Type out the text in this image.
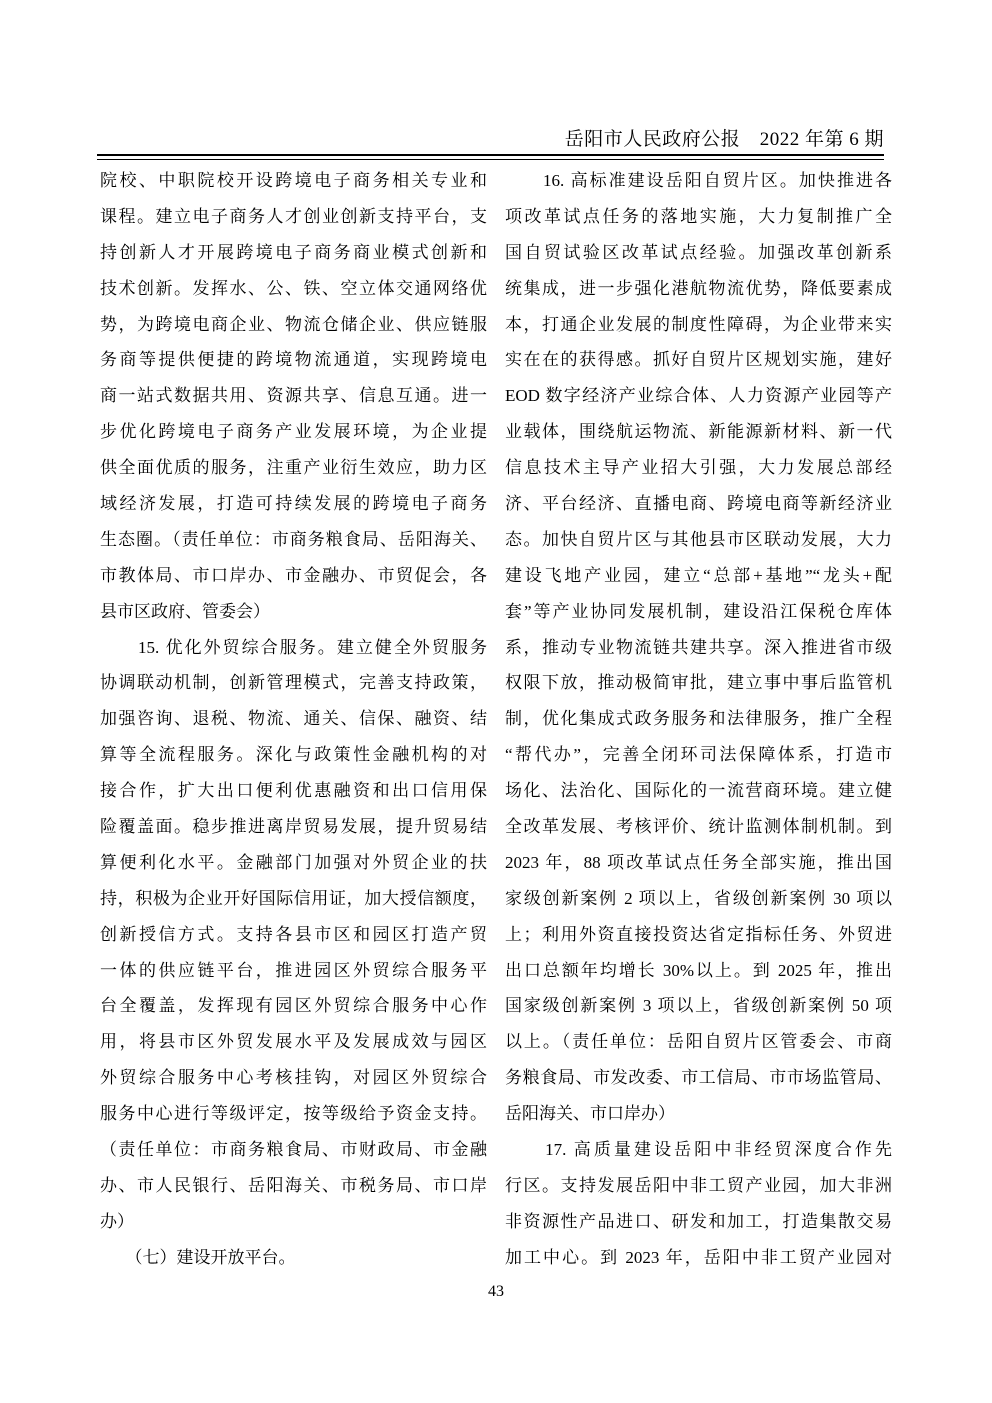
岳阳市人民政府公报　2022 年第 6 期
院校、中职院校开设跨境电子商务相关专业和
课程。建立电子商务人才创业创新支持平台，支
持创新人才开展跨境电子商务商业模式创新和
技术创新。发挥水、公、铁、空立体交通网络优
势，为跨境电商企业、物流仓储企业、供应链服
务商等提供便捷的跨境物流通道，实现跨境电
商一站式数据共用、资源共享、信息互通。进一
步优化跨境电子商务产业发展环境，为企业提
供全面优质的服务，注重产业衍生效应，助力区
域经济发展，打造可持续发展的跨境电子商务
生态圈。（责任单位：市商务粮食局、岳阳海关、
市教体局、市口岸办、市金融办、市贸促会，各
县市区政府、管委会）
　　15. 优化外贸综合服务。建立健全外贸服务
协调联动机制，创新管理模式，完善支持政策，
加强咨询、退税、物流、通关、信保、融资、结
算等全流程服务。深化与政策性金融机构的对
接合作，扩大出口便利优惠融资和出口信用保
险覆盖面。稳步推进离岸贸易发展，提升贸易结
算便利化水平。金融部门加强对外贸企业的扶
持，积极为企业开好国际信用证，加大授信额度，
创新授信方式。支持各县市区和园区打造产贸
一体的供应链平台，推进园区外贸综合服务平
台全覆盖，发挥现有园区外贸综合服务中心作
用，将县市区外贸发展水平及发展成效与园区
外贸综合服务中心考核挂钩，对园区外贸综合
服务中心进行等级评定，按等级给予资金支持。
（责任单位：市商务粮食局、市财政局、市金融
办、市人民银行、岳阳海关、市税务局、市口岸
办）
　　（七）建设开放平台。
　　16. 高标准建设岳阳自贸片区。加快推进各
项改革试点任务的落地实施，大力复制推广全
国自贸试验区改革试点经验。加强改革创新系
统集成，进一步强化港航物流优势，降低要素成
本，打通企业发展的制度性障碍，为企业带来实
实在在的获得感。抓好自贸片区规划实施，建好
EOD 数字经济产业综合体、人力资源产业园等产
业载体，围绕航运物流、新能源新材料、新一代
信息技术主导产业招大引强，大力发展总部经
济、平台经济、直播电商、跨境电商等新经济业
态。加快自贸片区与其他县市区联动发展，大力
建设飞地产业园，建立“总部+基地”“龙头+配
套”等产业协同发展机制，建设沿江保税仓库体
系，推动专业物流链共建共享。深入推进省市级
权限下放，推动极简审批，建立事中事后监管机
制，优化集成式政务服务和法律服务，推广全程
“帮代办”，完善全闭环司法保障体系，打造市
场化、法治化、国际化的一流营商环境。建立健
全改革发展、考核评价、统计监测体制机制。到
2023 年，88 项改革试点任务全部实施，推出国
家级创新案例 2 项以上，省级创新案例 30 项以
上；利用外资直接投资达省定指标任务、外贸进
出口总额年均增长 30%以上。到 2025 年，推出
国家级创新案例 3 项以上，省级创新案例 50 项
以上。（责任单位：岳阳自贸片区管委会、市商
务粮食局、市发改委、市工信局、市市场监管局、
岳阳海关、市口岸办）
　　17. 高质量建设岳阳中非经贸深度合作先
行区。支持发展岳阳中非工贸产业园，加大非洲
非资源性产品进口、研发和加工，打造集散交易
加工中心。到 2023 年，岳阳中非工贸产业园对
43
